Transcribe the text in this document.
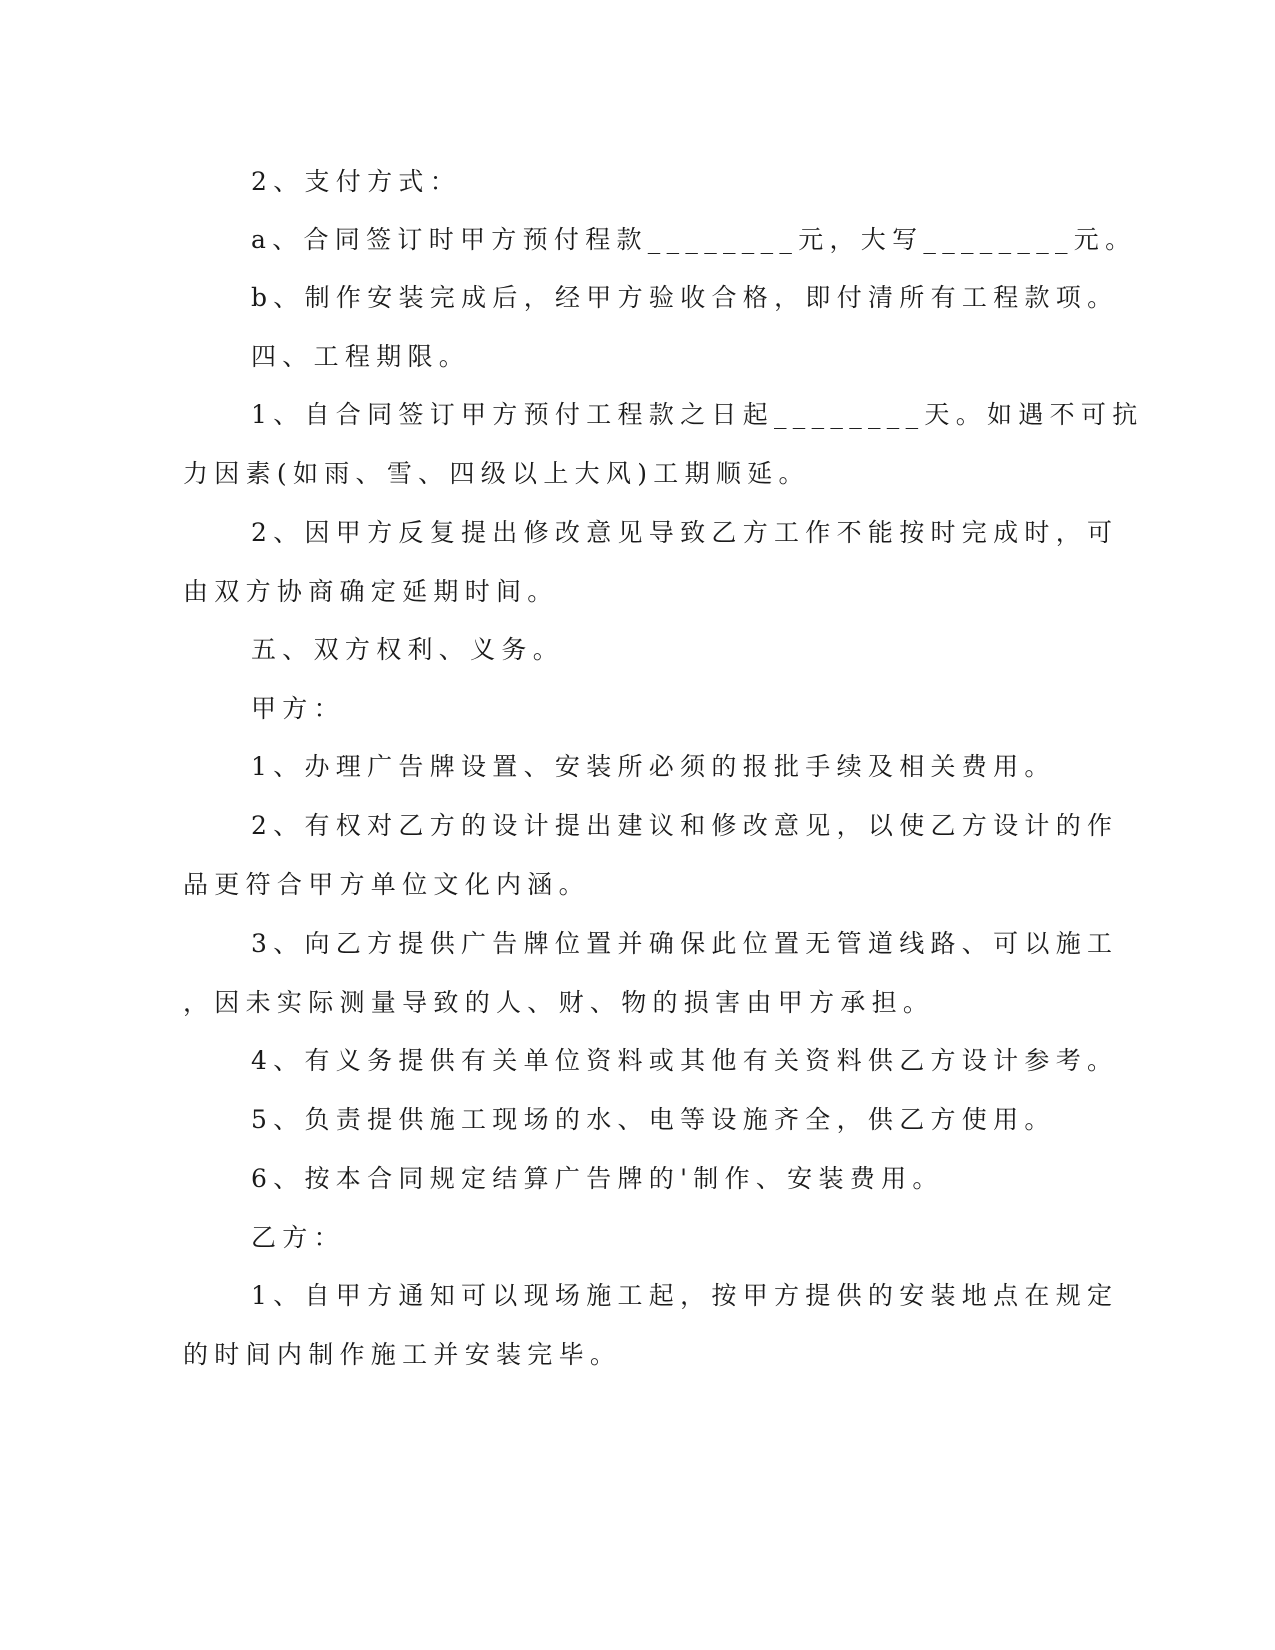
2、支付方式：

a、合同签订时甲方预付程款________元，大写________元。

b、制作安装完成后，经甲方验收合格，即付清所有工程款项。

四、工程期限。

1、自合同签订甲方预付工程款之日起________天。如遇不可抗

力因素(如雨、雪、四级以上大风)工期顺延。

2、因甲方反复提出修改意见导致乙方工作不能按时完成时，可

由双方协商确定延期时间。

五、双方权利、义务。

甲方：

1、办理广告牌设置、安装所必须的报批手续及相关费用。

2、有权对乙方的设计提出建议和修改意见，以使乙方设计的作

品更符合甲方单位文化内涵。

3、向乙方提供广告牌位置并确保此位置无管道线路、可以施工

，因未实际测量导致的人、财、物的损害由甲方承担。

4、有义务提供有关单位资料或其他有关资料供乙方设计参考。

5、负责提供施工现场的水、电等设施齐全，供乙方使用。

6、按本合同规定结算广告牌的'制作、安装费用。

乙方：

1、自甲方通知可以现场施工起，按甲方提供的安装地点在规定

的时间内制作施工并安装完毕。
